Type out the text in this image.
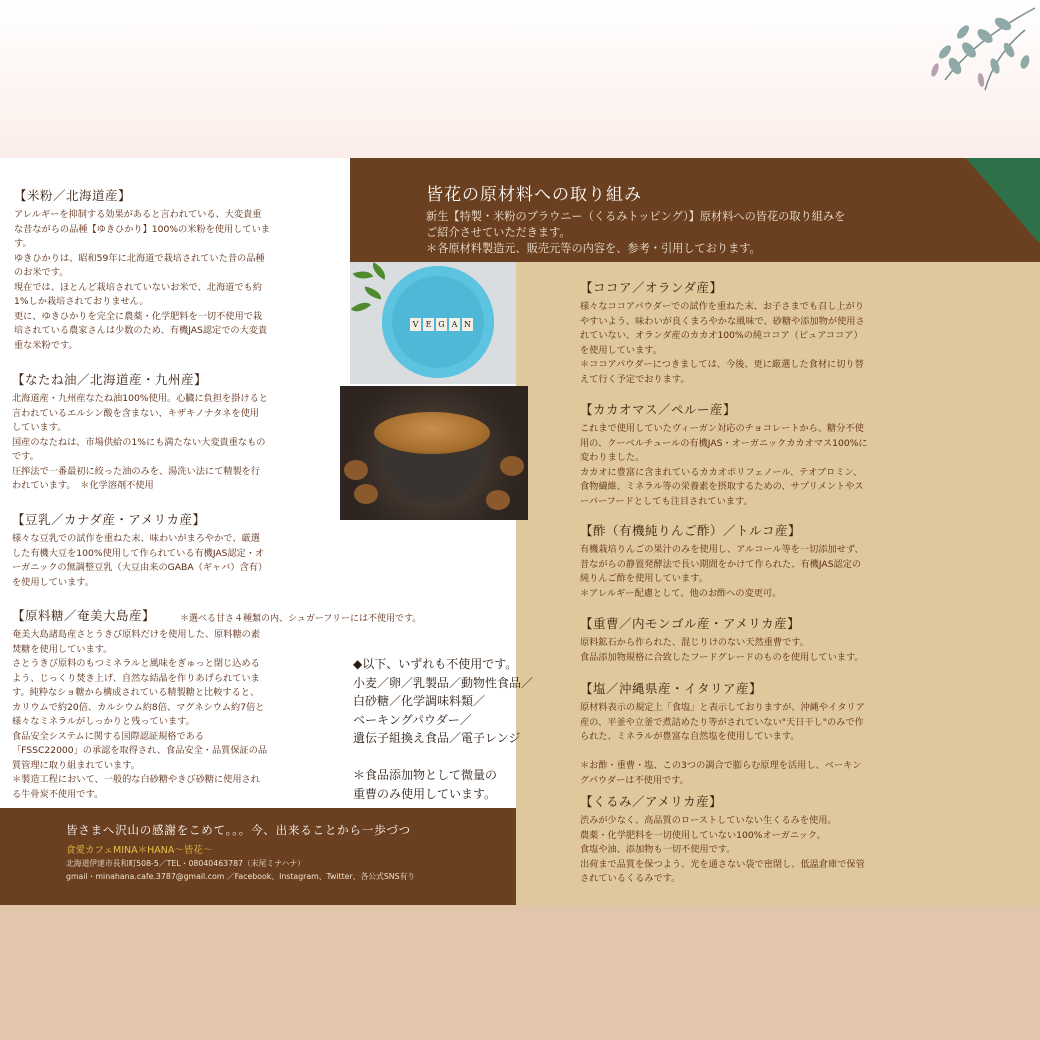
皆花の原材料への取り組み
新生【特製・米粉のブラウニー（くるみトッピング）】原材料への皆花の取り組みを
ご紹介させていただきます。
＊各原材料製造元、販売元等の内容を、参考・引用しております。
【米粉／北海道産】

アレルギーを抑制する効果があると言われている、大変貴重
な昔ながらの品種【ゆきひかり】100%の米粉を使用していま
す。
ゆきひかりは、昭和59年に北海道で栽培されていた昔の品種
のお米です。
現在では、ほとんど栽培されていないお米で、北海道でも約
1%しか栽培されておりません。
更に、ゆきひかりを完全に農薬・化学肥料を一切不使用で栽
培されている農家さんは少数のため、有機JAS認定での大変貴
重な米粉です。

【なたね油／北海道産・九州産】

北海道産・九州産なたね油100%使用。心臓に負担を掛けると
言われているエルシン酸を含まない、キザキノナタネを使用
しています。
国産のなたねは、市場供給の1%にも満たない大変貴重なもの
です。
圧搾法で一番最初に絞った油のみを、湯洗い法にて精製を行
われています。　＊化学溶剤不使用

【豆乳／カナダ産・アメリカ産】

様々な豆乳での試作を重ねた末、味わいがまろやかで、厳選
した有機大豆を100%使用して作られている有機JAS認定・オ
ーガニックの無調整豆乳（大豆由来のGABA（ギャバ）含有）
を使用しています。

【原料糖／奄美大島産】

奄美大島諸島産さとうきび原料だけを使用した、原料糖の素
焚糖を使用しています。
さとうきび原料のもつミネラルと風味をぎゅっと閉じ込める
よう、じっくり焚き上げ、自然な結晶を作りあげられていま
す。純粋なショ糖から構成されている精製糖と比較すると、
カリウムで約20倍、カルシウム約8倍、マグネシウム約7倍と
様々なミネラルがしっかりと残っています。
食品安全システムに関する国際認証規格である
「FSSC22000」の承認を取得され、食品安全・品質保証の品
質管理に取り組まれています。
＊製造工程において、一般的な白砂糖やきび砂糖に使用され
る牛骨炭不使用です。

＊選べる甘さ４種類の内、シュガーフリーには不使用です。
V E G A N
◆以下、いずれも不使用です。
小麦／卵／乳製品／動物性食品／
白砂糖／化学調味料類／
ベーキングパウダー／
遺伝子組換え食品／電子レンジ

＊食品添加物として微量の
重曹のみ使用しています。
【ココア／オランダ産】

様々なココアパウダーでの試作を重ねた末、お子さまでも召し上がり
やすいよう、味わいが良くまろやかな風味で、砂糖や添加物が使用さ
れていない、オランダ産のカカオ100%の純ココア（ピュアココア）
を使用しています。
＊ココアパウダーにつきましては、今後、更に厳選した食材に切り替
えて行く予定でおります。

【カカオマス／ペルー産】

これまで使用していたヴィーガン対応のチョコレートから、糖分不使
用の、クーベルチュールの有機JAS・オーガニックカカオマス100%に
変わりました。
カカオに豊富に含まれているカカオポリフェノール、テオブロミン、
食物繊維、ミネラル等の栄養素を摂取するための、サプリメントやス
ーパーフードとしても注目されています。

【酢（有機純りんご酢）／トルコ産】

有機栽培りんごの果汁のみを使用し、アルコール等を一切添加せず、
昔ながらの静置発酵法で長い期間をかけて作られた、有機JAS認定の
純りんご酢を使用しています。
＊アレルギー配慮として、他のお酢への変更可。

【重曹／内モンゴル産・アメリカ産】

原料鉱石から作られた、混じりけのない天然重曹です。
食品添加物規格に合致したフードグレードのものを使用しています。

【塩／沖縄県産・イタリア産】

原材料表示の規定上「食塩」と表示しておりますが、沖縄やイタリア
産の、平釜や立釜で煮詰めたり等がされていない"天日干し"のみで作
られた、ミネラルが豊富な自然塩を使用しています。

＊お酢・重曹・塩、この3つの調合で膨らむ原理を活用し、ベーキン
グパウダーは不使用です。

【くるみ／アメリカ産】

渋みが少なく、高品質のローストしていない生くるみを使用。
農薬・化学肥料を一切使用していない100%オーガニック。
食塩や油、添加物も一切不使用です。
出荷まで品質を保つよう、光を通さない袋で密閉し、低温倉庫で保管
されているくるみです。

皆さまへ沢山の感謝をこめて。。。今、出来ることから一歩づつ
食愛カフェMINA＊HANA〜皆花〜
北海道伊達市長和町508-5／TEL・08040463787（末尾ミナハナ）
gmail・minahana.cafe.3787@gmail.com ／Facebook、Instagram、Twitter、各公式SNS有り
